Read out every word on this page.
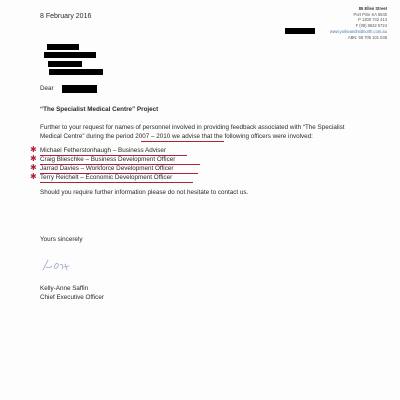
8 February 2016
85 Ellen Street
Port Pirie SA 5540
P 1300 742 414
F (08) 8632 5724
www.yorkeandmidnorth.com.au
ABN: 68 705 101 048
Dear
“The Specialist Medical Centre” Project
Further to your request for names of personnel involved in providing feedback associated with “The Specialist
Medical Centre” during the period 2007 – 2010 we advise that the following officers were involved:
Michael Fetherstonhaugh – Business Adviser
✱
Craig Blieschke – Business Development Officer
✱
Jarrad Davies – Workforce Development Officer
✱
Terry Reichelt – Economic Development Officer
✱
Should you require further information please do not hesitate to contact us.
Yours sincerely
Kelly-Anne Saffin
Chief Executive Officer
